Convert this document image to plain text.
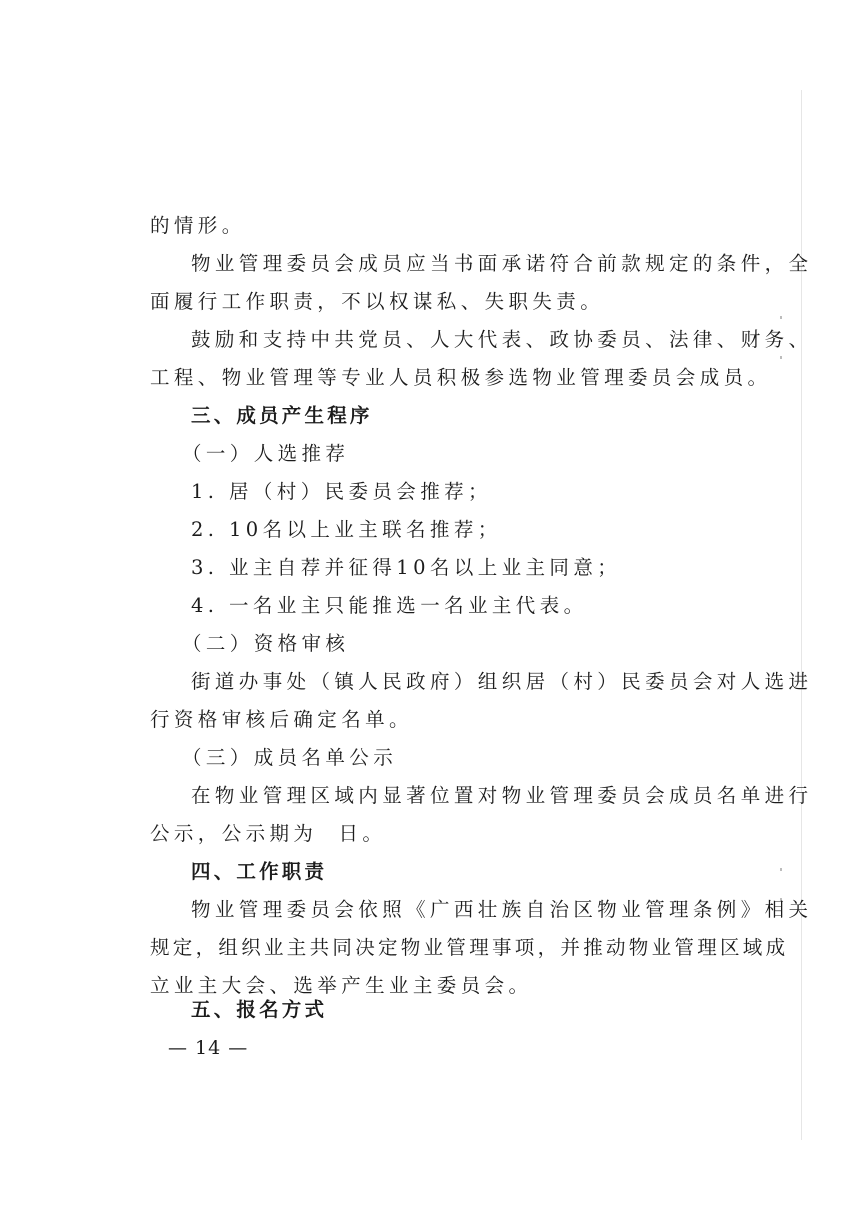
的情形。
物业管理委员会成员应当书面承诺符合前款规定的条件，全
面履行工作职责，不以权谋私、失职失责。
鼓励和支持中共党员、人大代表、政协委员、法律、财务、
工程、物业管理等专业人员积极参选物业管理委员会成员。
三、成员产生程序
（一）人选推荐
1. 居（村）民委员会推荐；
2. 10名以上业主联名推荐；
3. 业主自荐并征得10名以上业主同意；
4. 一名业主只能推选一名业主代表。
（二）资格审核
街道办事处（镇人民政府）组织居（村）民委员会对人选进
行资格审核后确定名单。
（三）成员名单公示
在物业管理区域内显著位置对物业管理委员会成员名单进行
公示，公示期为  日。
四、工作职责
物业管理委员会依照《广西壮族自治区物业管理条例》相关
规定，组织业主共同决定物业管理事项，并推动物业管理区域成
立业主大会、选举产生业主委员会。
五、报名方式
— 14 —
